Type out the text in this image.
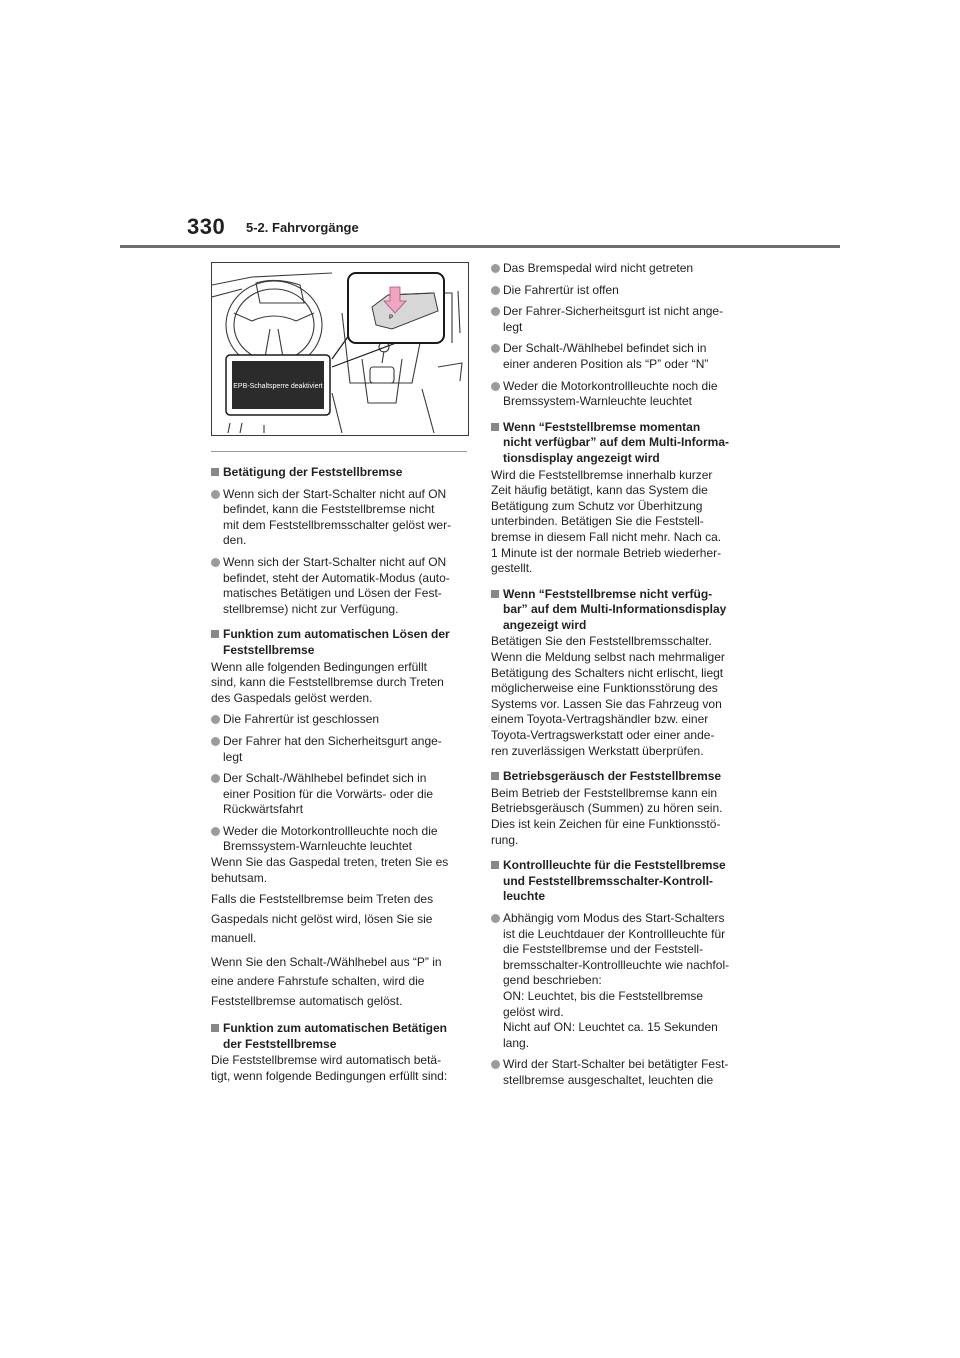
330 5-2. Fahrvorgänge
P
EPB-Schaltsperre deaktiviert
Betätigung der Feststellbremse
Wenn sich der Start-Schalter nicht auf ON
befindet, kann die Feststellbremse nicht
mit dem Feststellbremsschalter gelöst wer-
den.
Wenn sich der Start-Schalter nicht auf ON
befindet, steht der Automatik-Modus (auto-
matisches Betätigen und Lösen der Fest-
stellbremse) nicht zur Verfügung.
Funktion zum automatischen Lösen der
Feststellbremse
Wenn alle folgenden Bedingungen erfüllt
sind, kann die Feststellbremse durch Treten
des Gaspedals gelöst werden.
Die Fahrertür ist geschlossen
Der Fahrer hat den Sicherheitsgurt ange-
legt
Der Schalt-/Wählhebel befindet sich in
einer Position für die Vorwärts- oder die
Rückwärtsfahrt
Weder die Motorkontrollleuchte noch die
Bremssystem-Warnleuchte leuchtet
Wenn Sie das Gaspedal treten, treten Sie es
behutsam.
Falls die Feststellbremse beim Treten des
Gaspedals nicht gelöst wird, lösen Sie sie
manuell.
Wenn Sie den Schalt-/Wählhebel aus “P” in
eine andere Fahrstufe schalten, wird die
Feststellbremse automatisch gelöst.
Funktion zum automatischen Betätigen
der Feststellbremse
Die Feststellbremse wird automatisch betä-
tigt, wenn folgende Bedingungen erfüllt sind:
Das Bremspedal wird nicht getreten
Die Fahrertür ist offen
Der Fahrer-Sicherheitsgurt ist nicht ange-
legt
Der Schalt-/Wählhebel befindet sich in
einer anderen Position als “P” oder “N”
Weder die Motorkontrollleuchte noch die
Bremssystem-Warnleuchte leuchtet
Wenn “Feststellbremse momentan
nicht verfügbar” auf dem Multi-Informa-
tionsdisplay angezeigt wird
Wird die Feststellbremse innerhalb kurzer
Zeit häufig betätigt, kann das System die
Betätigung zum Schutz vor Überhitzung
unterbinden. Betätigen Sie die Feststell-
bremse in diesem Fall nicht mehr. Nach ca.
1 Minute ist der normale Betrieb wiederher-
gestellt.
Wenn “Feststellbremse nicht verfüg-
bar” auf dem Multi-Informationsdisplay
angezeigt wird
Betätigen Sie den Feststellbremsschalter.
Wenn die Meldung selbst nach mehrmaliger
Betätigung des Schalters nicht erlischt, liegt
möglicherweise eine Funktionsstörung des
Systems vor. Lassen Sie das Fahrzeug von
einem Toyota-Vertragshändler bzw. einer
Toyota-Vertragswerkstatt oder einer ande-
ren zuverlässigen Werkstatt überprüfen.
Betriebsgeräusch der Feststellbremse
Beim Betrieb der Feststellbremse kann ein
Betriebsgeräusch (Summen) zu hören sein.
Dies ist kein Zeichen für eine Funktionsstö-
rung.
Kontrollleuchte für die Feststellbremse
und Feststellbremsschalter-Kontroll-
leuchte
Abhängig vom Modus des Start-Schalters
ist die Leuchtdauer der Kontrollleuchte für
die Feststellbremse und der Feststell-
bremsschalter-Kontrollleuchte wie nachfol-
gend beschrieben:
ON: Leuchtet, bis die Feststellbremse
gelöst wird.
Nicht auf ON: Leuchtet ca. 15 Sekunden
lang.
Wird der Start-Schalter bei betätigter Fest-
stellbremse ausgeschaltet, leuchten die
